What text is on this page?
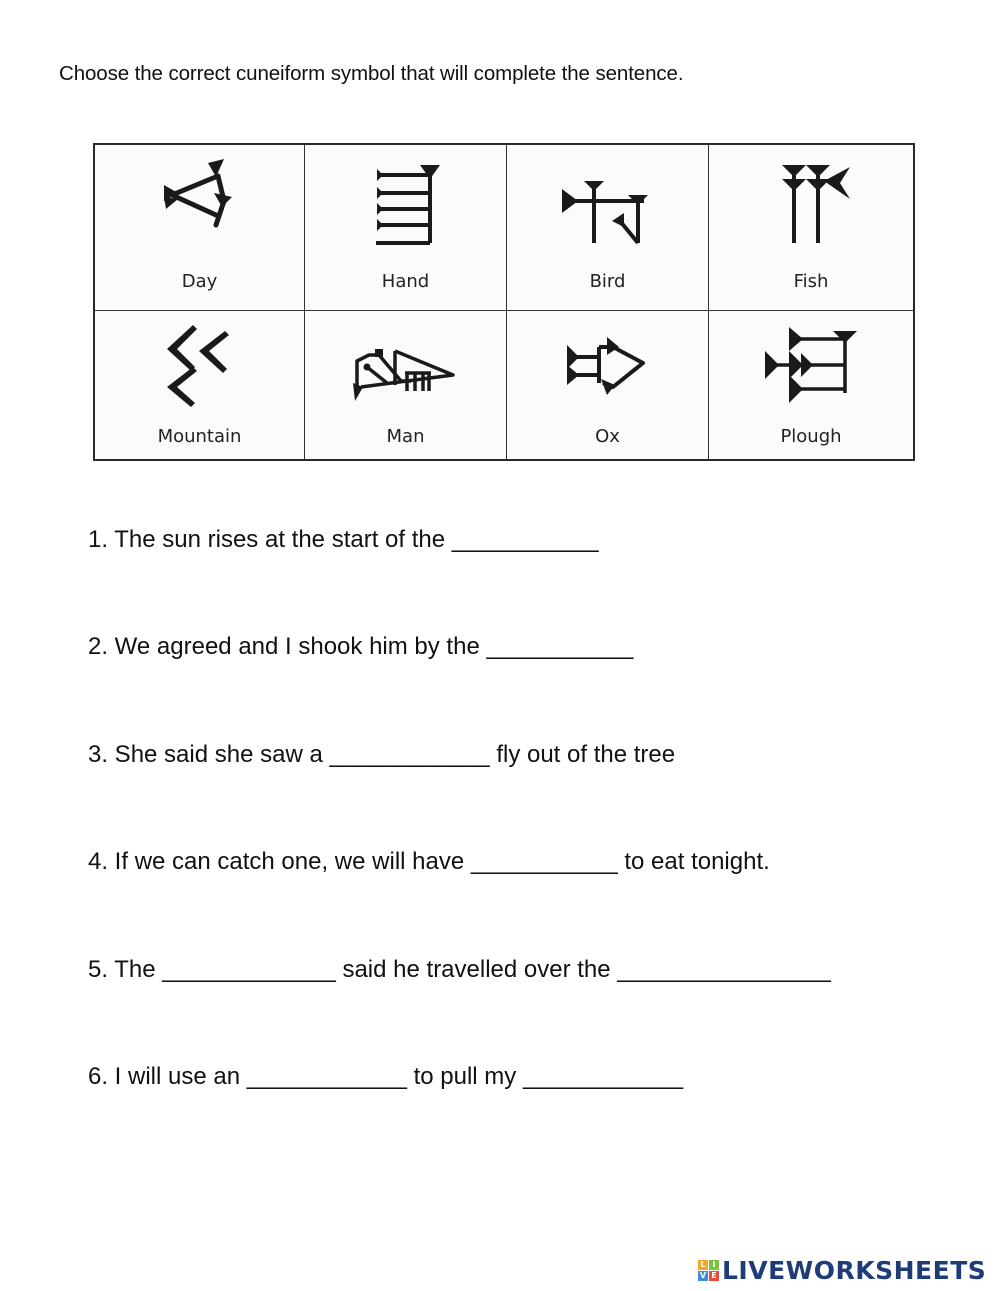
Choose the correct cuneiform symbol that will complete the sentence.
Day	Hand	Bird	Fish
Mountain	Man	Ox	Plough
1. The sun rises at the start of the ___________
2. We agreed and I shook him by the ___________
3. She said she saw a ____________ fly out of the tree
4. If we can catch one, we will have ___________ to eat tonight.
5. The _____________ said he travelled over the ________________
6. I will use an ____________ to pull my ____________
L I
V E LIVEWORKSHEETS
